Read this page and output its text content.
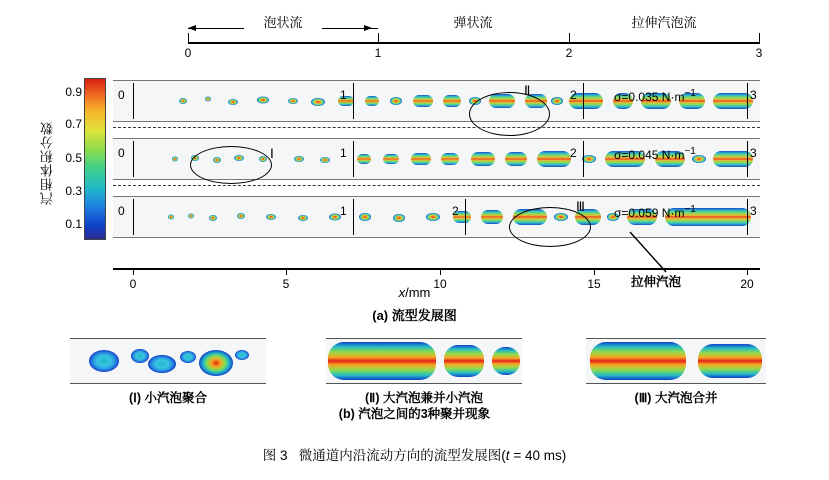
0	1	2	3
泡状流	弹状流	拉伸汽泡流
汽相体积分数
0.9
0.7
0.5
0.3
0.1
0	1	2	3
σ=0.035 $N\cdot m^{-1}$
Ⅱ
0	1	2	3
σ=0.045 $N\cdot m^{-1}$
Ⅰ
0	1	2	3
σ=0.059 $N\cdot m^{-1}$
Ⅲ
拉伸汽泡
0	5	10	15	20
x/mm
(a) 流型发展图
(Ⅰ) 小汽泡聚合	(Ⅱ) 大汽泡兼并小汽泡	(Ⅲ) 大汽泡合并
(b) 汽泡之间的3种聚并现象
图 3 微通道内沿流动方向的流型发展图(t = 40 ms)
